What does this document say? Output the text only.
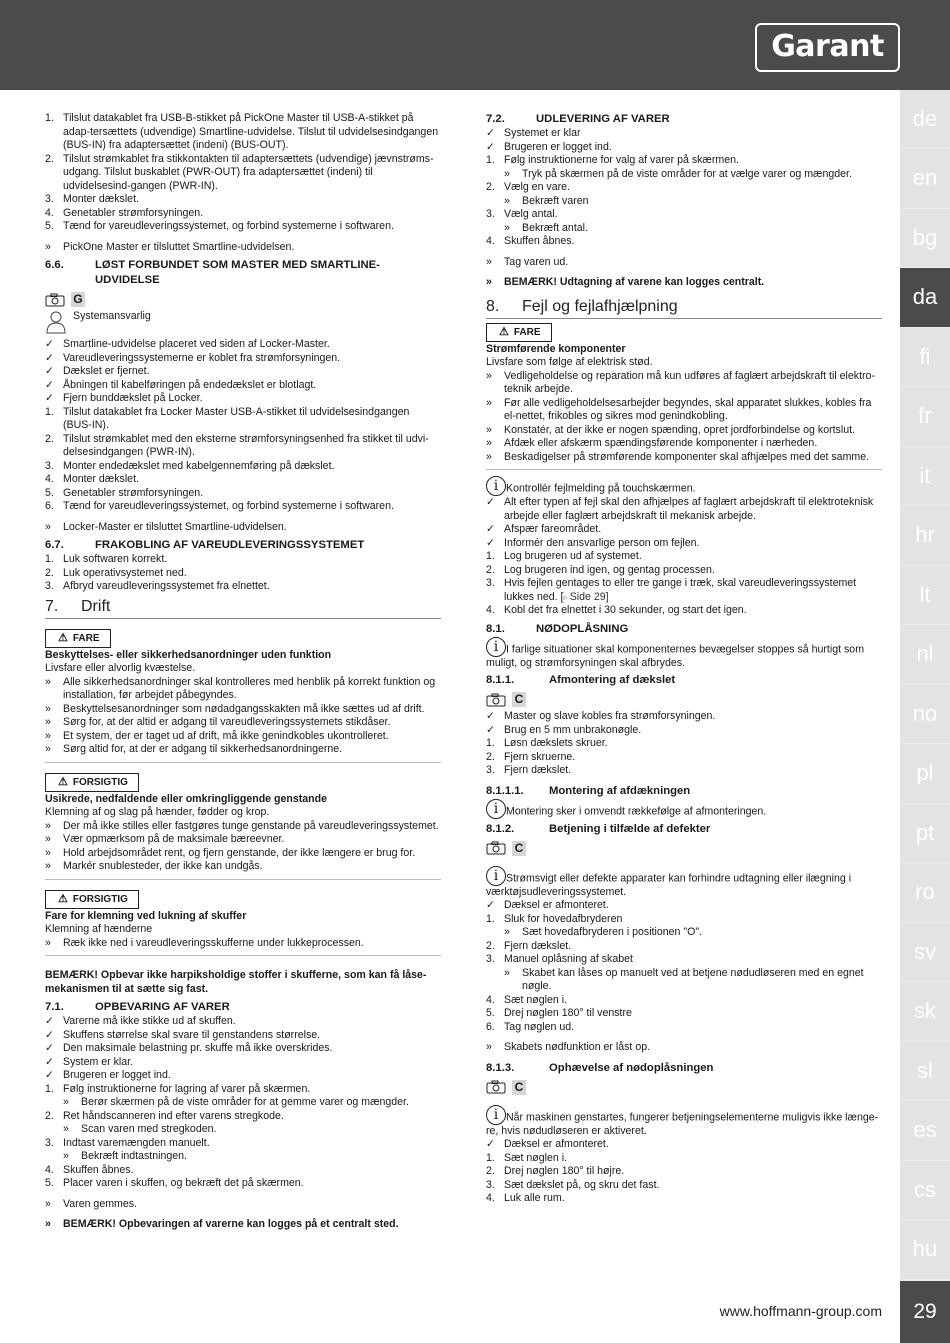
Garant
de
en
bg
da
fi
fr
it
hr
lt
nl
no
pl
pt
ro
sv
sk
sl
es
cs
hu
29
www.hoffmann-group.com
1. Tilslut datakablet fra USB-B-stikket på PickOne Master til USB-A-stikket på adap-tersættets (udvendige) Smartline-udvidelse. Tilslut til udvidelsesindgangen (BUS-IN) fra adaptersættet (indeni) (BUS-OUT).
2. Tilslut strømkablet fra stikkontakten til adaptersættets (udvendige) jævnstrøms-udgang. Tilslut buskablet (PWR-OUT) fra adaptersættet (indeni) til udvidelsesind-gangen (PWR-IN).
3. Monter dækslet.
4. Genetabler strømforsyningen.
5. Tænd for vareudleveringssystemet, og forbind systemerne i softwaren.
»	PickOne Master er tilsluttet Smartline-udvidelsen.
6.6.	LØST FORBUNDET SOM MASTER MED SMARTLINE-UDVIDELSE
G
Systemansvarlig
✓ Smartline-udvidelse placeret ved siden af Locker-Master.
✓ Vareudleveringssystemerne er koblet fra strømforsyningen.
✓ Dækslet er fjernet.
✓ Åbningen til kabelføringen på endedækslet er blotlagt.
✓ Fjern bunddækslet på Locker.
1. Tilslut datakablet fra Locker Master USB-A-stikket til udvidelsesindgangen (BUS-IN).
2. Tilslut strømkablet med den eksterne strømforsyningsenhed fra stikket til udvi-delsesindgangen (PWR-IN).
3. Monter endedækslet med kabelgennemføring på dækslet.
4. Monter dækslet.
5. Genetabler strømforsyningen.
6. Tænd for vareudleveringssystemet, og forbind systemerne i softwaren.
»	Locker-Master er tilsluttet Smartline-udvidelsen.
6.7.	FRAKOBLING AF VAREUDLEVERINGSSYSTEMET
1. Luk softwaren korrekt.
2. Luk operativsystemet ned.
3. Afbryd vareudleveringssystemet fra elnettet.
7. Drift
⚠ FARE
Beskyttelses- eller sikkerhedsanordninger uden funktion
Livsfare eller alvorlig kvæstelse.
»	Alle sikkerhedsanordninger skal kontrolleres med henblik på korrekt funktion og installation, før arbejdet påbegyndes.
»	Beskyttelsesanordninger som nødadgangsskakten må ikke sættes ud af drift.
»	Sørg for, at der altid er adgang til vareudleveringssystemets stikdåser.
»	Et system, der er taget ud af drift, må ikke genindkobles ukontrolleret.
»	Sørg altid for, at der er adgang til sikkerhedsanordningerne.
⚠ FORSIGTIG
Usikrede, nedfaldende eller omkringliggende genstande
Klemning af og slag på hænder, fødder og krop.
»	Der må ikke stilles eller fastgøres tunge genstande på vareudleveringssystemet.
»	Vær opmærksom på de maksimale bæreevner.
»	Hold arbejdsområdet rent, og fjern genstande, der ikke længere er brug for.
»	Markér snublesteder, der ikke kan undgås.
⚠ FORSIGTIG
Fare for klemning ved lukning af skuffer
Klemning af hænderne
»	Ræk ikke ned i vareudleveringsskufferne under lukkeprocessen.
BEMÆRK! Opbevar ikke harpiksholdige stoffer i skufferne, som kan få låse-mekanismen til at sætte sig fast.
7.1.	OPBEVARING AF VARER
✓ Varerne må ikke stikke ud af skuffen.
✓ Skuffens størrelse skal svare til genstandens størrelse.
✓ Den maksimale belastning pr. skuffe må ikke overskrides.
✓ System er klar.
✓ Brugeren er logget ind.
1. Følg instruktionerne for lagring af varer på skærmen.
» Berør skærmen på de viste områder for at gemme varer og mængder.
2. Ret håndscanneren ind efter varens stregkode.
» Scan varen med stregkoden.
3. Indtast varemængden manuelt.
» Bekræft indtastningen.
4. Skuffen åbnes.
5. Placer varen i skuffen, og bekræft det på skærmen.
»	Varen gemmes.
»	BEMÆRK! Opbevaringen af varerne kan logges på et centralt sted.
7.2.	UDLEVERING AF VARER
✓ Systemet er klar
✓ Brugeren er logget ind.
1. Følg instruktionerne for valg af varer på skærmen.
» Tryk på skærmen på de viste områder for at vælge varer og mængder.
2. Vælg en vare.
» Bekræft varen
3. Vælg antal.
» Bekræft antal.
4. Skuffen åbnes.
»	Tag varen ud.
»	BEMÆRK! Udtagning af varene kan logges centralt.
8. Fejl og fejlafhjælpning
⚠ FARE
Strømførende komponenter
Livsfare som følge af elektrisk stød.
»	Vedligeholdelse og reparation må kun udføres af faglært arbejdskraft til elektro-teknik arbejde.
»	Før alle vedligeholdelsesarbejder begyndes, skal apparatet slukkes, kobles fra el-nettet, frikobles og sikres mod genindkobling.
»	Konstatér, at der ikke er nogen spænding, opret jordforbindelse og kortslut.
»	Afdæk eller afskærm spændingsførende komponenter i nærheden.
»	Beskadigelser på strømførende komponenter skal afhjælpes med det samme.
i Kontrollér fejlmelding på touchskærmen.
✓ Alt efter typen af fejl skal den afhjælpes af faglært arbejdskraft til elektroteknisk arbejde eller faglært arbejdskraft til mekanisk arbejde.
✓ Afspær fareområdet.
✓ Informér den ansvarlige person om fejlen.
1. Log brugeren ud af systemet.
2. Log brugeren ind igen, og gentag processen.
3. Hvis fejlen gentages to eller tre gange i træk, skal vareudleveringssystemet lukkes ned. [▹ Side 29]
4. Kobl det fra elnettet i 30 sekunder, og start det igen.
8.1.	NØDOPLÅSNING
i I farlige situationer skal komponenternes bevægelser stoppes så hurtigt som muligt, og strømforsyningen skal afbrydes.
8.1.1.	Afmontering af dækslet
C
✓ Master og slave kobles fra strømforsyningen.
✓ Brug en 5 mm unbrakonøgle.
1. Løsn dækslets skruer.
2. Fjern skruerne.
3. Fjern dækslet.
8.1.1.1. Montering af afdækningen
i Montering sker i omvendt rækkefølge af afmonteringen.
8.1.2.	Betjening i tilfælde af defekter
C
i Strømsvigt eller defekte apparater kan forhindre udtagning eller ilægning i værktøjsudleveringssystemet.
✓ Dæksel er afmonteret.
1. Sluk for hovedafbryderen
» Sæt hovedafbryderen i positionen "O".
2. Fjern dækslet.
3. Manuel oplåsning af skabet
» Skabet kan låses op manuelt ved at betjene nødudløseren med en egnet nøgle.
4. Sæt nøglen i.
5. Drej nøglen 180° til venstre
6. Tag nøglen ud.
»	Skabets nødfunktion er låst op.
8.1.3.	Ophævelse af nødoplåsningen
C
i Når maskinen genstartes, fungerer betjeningselementerne muligvis ikke længe-re, hvis nødudløseren er aktiveret.
✓ Dæksel er afmonteret.
1. Sæt nøglen i.
2. Drej nøglen 180° til højre.
3. Sæt dækslet på, og skru det fast.
4. Luk alle rum.
